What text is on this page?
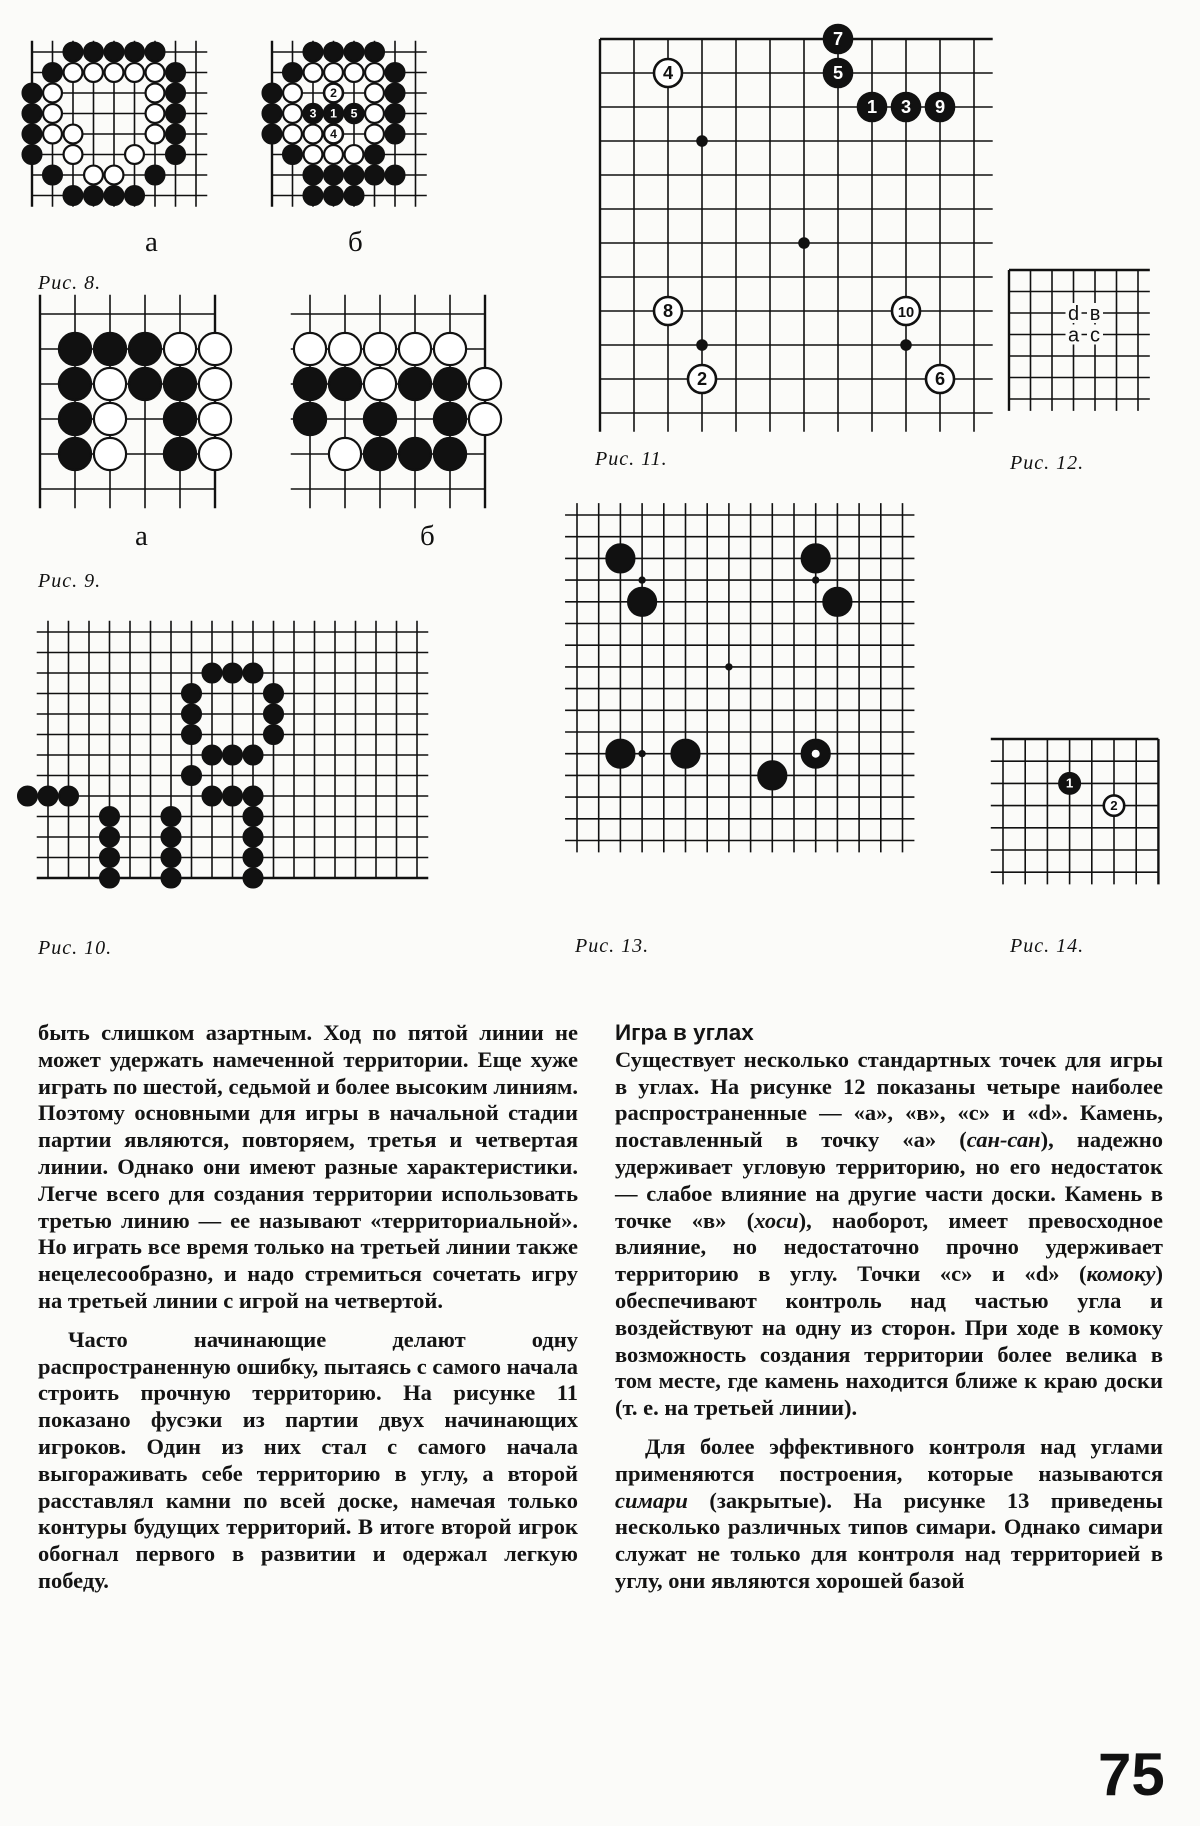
1
2
3
4
5
а	б
Рис. 8.
а	б
Рис. 9.
Рис. 10.
1
2
3
4	5
6
7
8
9
10
Рис. 11.
d в
a c
Рис. 12.
Рис. 13.
1
2
Рис. 14.

быть слишком азартным. Ход по пятой линии не может удержать намеченной территории. Еще хуже играть по шестой, седьмой и более высоким линиям. Поэтому основными для игры в начальной стадии партии являются, повторяем, третья и четвертая линии. Однако они имеют разные характеристики. Легче всего для создания территории использовать третью линию — ее называют «территориальной». Но играть все время только на третьей линии также нецелесообразно, и надо стремиться сочетать игру на третьей линии с игрой на четвертой.

Часто начинающие делают одну распространенную ошибку, пытаясь с самого начала строить прочную территорию. На рисунке 11 показано фусэки из партии двух начинающих игроков. Один из них стал с самого начала выгораживать себе территорию в углу, а второй расставлял камни по всей доске, намечая только контуры будущих территорий. В итоге второй игрок обогнал первого в развитии и одержал легкую победу.

Игра в углах

Существует несколько стандартных точек для игры в углах. На рисунке 12 показаны четыре наиболее распространенные — «а», «в», «с» и «d». Камень, поставленный в точку «а» (сан-сан), надежно удерживает угловую территорию, но его недостаток — слабое влияние на другие части доски. Камень в точке «в» (хоси), наоборот, имеет превосходное влияние, но недостаточно прочно удерживает территорию в углу. Точки «с» и «d» (комоку) обеспечивают контроль над частью угла и воздействуют на одну из сторон. При ходе в комоку возможность создания территории более велика в том месте, где камень находится ближе к краю доски (т. е. на третьей линии).

Для более эффективного контроля над углами применяются построения, которые называются симари (закрытые). На рисунке 13 приведены несколько различных типов симари. Однако симари служат не только для контроля над территорией в углу, они являются хорошей базой

75
